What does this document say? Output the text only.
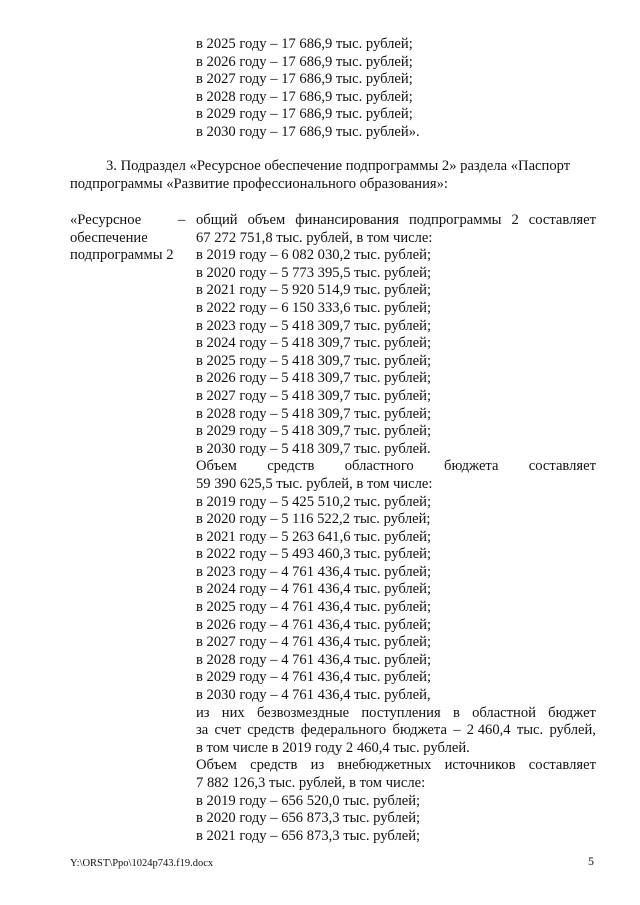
в 2025 году – 17 686,9 тыс. рублей;
в 2026 году – 17 686,9 тыс. рублей;
в 2027 году – 17 686,9 тыс. рублей;
в 2028 году – 17 686,9 тыс. рублей;
в 2029 году – 17 686,9 тыс. рублей;
в 2030 году – 17 686,9 тыс. рублей».
3. Подраздел «Ресурсное обеспечение подпрограммы 2» раздела «Паспорт
подпрограммы «Развитие профессионального образования»:
«Ресурсное
обеспечение
подпрограммы 2
– общий объем финансирования подпрограммы 2 составляет
67 272 751,8 тыс. рублей, в том числе:
в 2019 году – 6 082 030,2 тыс. рублей;
в 2020 году – 5 773 395,5 тыс. рублей;
в 2021 году – 5 920 514,9 тыс. рублей;
в 2022 году – 6 150 333,6 тыс. рублей;
в 2023 году – 5 418 309,7 тыс. рублей;
в 2024 году – 5 418 309,7 тыс. рублей;
в 2025 году – 5 418 309,7 тыс. рублей;
в 2026 году – 5 418 309,7 тыс. рублей;
в 2027 году – 5 418 309,7 тыс. рублей;
в 2028 году – 5 418 309,7 тыс. рублей;
в 2029 году – 5 418 309,7 тыс. рублей;
в 2030 году – 5 418 309,7 тыс. рублей.
Объем средств областного бюджета составляет
59 390 625,5 тыс. рублей, в том числе:
в 2019 году – 5 425 510,2 тыс. рублей;
в 2020 году – 5 116 522,2 тыс. рублей;
в 2021 году – 5 263 641,6 тыс. рублей;
в 2022 году – 5 493 460,3 тыс. рублей;
в 2023 году – 4 761 436,4 тыс. рублей;
в 2024 году – 4 761 436,4 тыс. рублей;
в 2025 году – 4 761 436,4 тыс. рублей;
в 2026 году – 4 761 436,4 тыс. рублей;
в 2027 году – 4 761 436,4 тыс. рублей;
в 2028 году – 4 761 436,4 тыс. рублей;
в 2029 году – 4 761 436,4 тыс. рублей;
в 2030 году – 4 761 436,4 тыс. рублей,
из них безвозмездные поступления в областной бюджет
за счет средств федерального бюджета – 2 460,4 тыс. рублей,
в том числе в 2019 году 2 460,4 тыс. рублей.
Объем средств из внебюджетных источников составляет
7 882 126,3 тыс. рублей, в том числе:
в 2019 году – 656 520,0 тыс. рублей;
в 2020 году – 656 873,3 тыс. рублей;
в 2021 году – 656 873,3 тыс. рублей;
Y:\ORST\Ppo\1024p743.f19.docx	5
